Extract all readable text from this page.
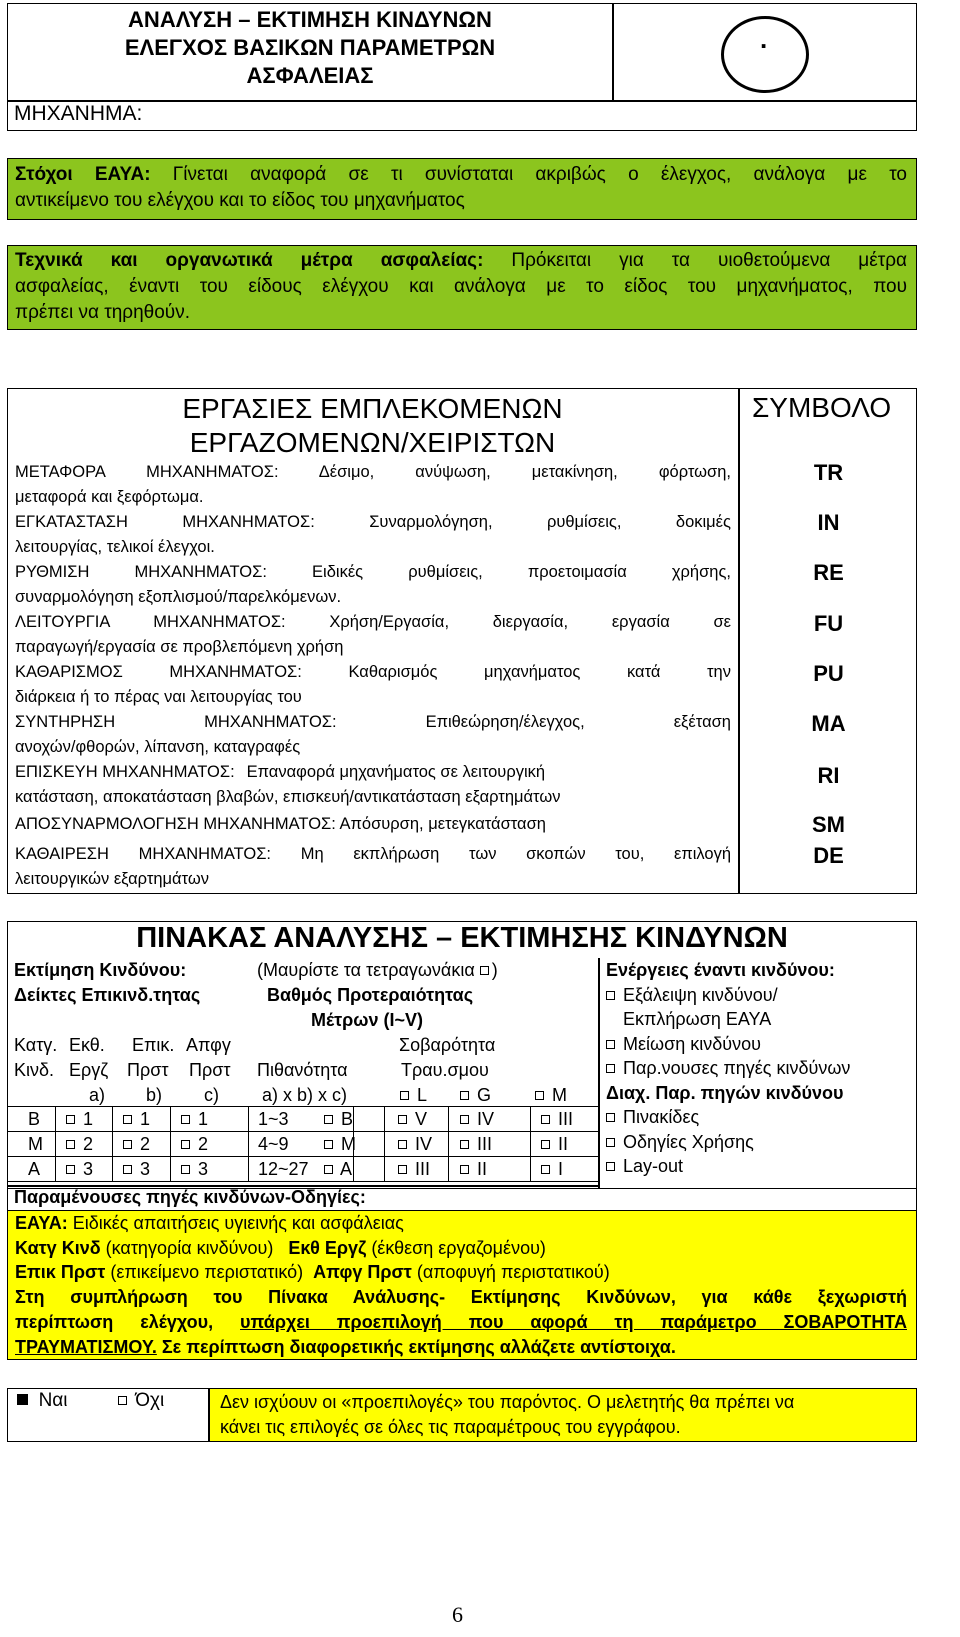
ΑΝΑΛΥΣΗ – ΕΚΤΙΜΗΣΗ ΚΙΝΔΥΝΩΝ
ΕΛΕΓΧΟΣ ΒΑΣΙΚΩΝ ΠΑΡΑΜΕΤΡΩΝ
ΑΣΦΑΛΕΙΑΣ
.
ΜΗΧΑΝΗΜΑ:
Στόχοι ΕΑΥΑ: Γίνεται αναφορά σε τι συνίσταται ακριβώς ο έλεγχος, ανάλογα με το
αντικείμενο του ελέγχου και το είδος του μηχανήματος
Τεχνικά και οργανωτικά μέτρα ασφαλείας: Πρόκειται για τα υιοθετούμενα μέτρα
ασφαλείας, έναντι του είδους ελέγχου και ανάλογα με το είδος του μηχανήματος, που
πρέπει να τηρηθούν.
ΕΡΓΑΣΙΕΣ ΕΜΠΛΕΚΟΜΕΝΩΝ
ΕΡΓΑΖΟΜΕΝΩΝ/ΧΕΙΡΙΣΤΩΝ
ΣΥΜΒΟΛΟ
ΜΕΤΑΦΟΡΑ ΜΗΧΑΝΗΜΑΤΟΣ: Δέσιμο, ανύψωση, μετακίνηση, φόρτωση,
μεταφορά και ξεφόρτωμα.
TR
ΕΓΚΑΤΑΣΤΑΣΗ ΜΗΧΑΝΗΜΑΤΟΣ:	Συναρμολόγηση, ρυθμίσεις, δοκιμές
λειτουργίας, τελικοί έλεγχοι.
IN
ΡΥΘΜΙΣΗ ΜΗΧΑΝΗΜΑΤΟΣ:	Ειδικές ρυθμίσεις, προετοιμασία χρήσης,
συναρμολόγηση εξοπλισμού/παρελκόμενων.
RE
ΛΕΙΤΟΥΡΓΙΑ ΜΗΧΑΝΗΜΑΤΟΣ:	Χρήση/Εργασία, διεργασία, εργασία σε
παραγωγή/εργασία σε προβλεπόμενη χρήση
FU
ΚΑΘΑΡΙΣΜΟΣ ΜΗΧΑΝΗΜΑΤΟΣ:	Καθαρισμός μηχανήματος κατά την
διάρκεια ή το πέρας ναι λειτουργίας του
PU
ΣΥΝΤΗΡΗΣΗ ΜΗΧΑΝΗΜΑΤΟΣ:	Επιθεώρηση/έλεγχος, εξέταση
ανοχών/φθορών, λίπανση, καταγραφές
MA
ΕΠΙΣΚΕΥΗ ΜΗΧΑΝΗΜΑΤΟΣ: Επαναφορά μηχανήματος σε λειτουργική
κατάσταση, αποκατάσταση βλαβών, επισκευή/αντικατάσταση εξαρτημάτων
RI
ΑΠΟΣΥΝΑΡΜΟΛΟΓΗΣΗ ΜΗΧΑΝΗΜΑΤΟΣ: Απόσυρση, μετεγκατάσταση	SM
ΚΑΘΑΙΡΕΣΗ ΜΗΧΑΝΗΜΑΤΟΣ: Μη εκπλήρωση των σκοπών του, επιλογή
λειτουργικών εξαρτημάτων
DE
ΠΙΝΑΚΑΣ ΑΝΑΛΥΣΗΣ – ΕΚΤΙΜΗΣΗΣ ΚΙΝΔΥΝΩΝ
Εκτίμηση Κινδύνου:	(Μαυρίστε τα τετραγωνάκια )
Δείκτες Επικινδ.τητας	Βαθμός Προτεραιότητας
Μέτρων (I~V)
Κατγ. Εκθ. Επικ. Απφγ	Σοβαρότητα
Κινδ. Εργζ Πρστ Πρστ Πιθανότητα	Τραυ.σμου
a) b) c) a) x b) x c)	L	G	M
B	1	1	1	1~3	B	V	IV	III
M	2	2	2	4~9	M	IV	III	II
A	3	3	3	12~27	A	III	II	I
Ενέργειες έναντι κινδύνου:
Εξάλειψη κινδύνου/
Εκπλήρωση ΕΑΥΑ
Μείωση κινδύνου
Παρ.νουσες πηγές κινδύνων
Διαχ. Παρ. πηγών κινδύνου
Πινακίδες
Οδηγίες Χρήσης
Lay-out
Παραμένουσες πηγές κινδύνων-Οδηγίες:
ΕΑΥΑ: Ειδικές απαιτήσεις υγιεινής και ασφάλειας
Κατγ Κινδ (κατηγορία κινδύνου) Εκθ Εργζ (έκθεση εργαζομένου)
Επικ Πρστ (επικείμενο περιστατικό) Απφγ Πρστ (αποφυγή περιστατικού)
Στη συμπλήρωση του Πίνακα Ανάλυσης- Εκτίμησης Κινδύνων, για κάθε ξεχωριστή
περίπτωση ελέγχου, υπάρχει προεπιλογή που αφορά τη παράμετρο ΣΟΒΑΡΟΤΗΤΑ
ΤΡΑΥΜΑΤΙΣΜΟΥ. Σε περίπτωση διαφορετικής εκτίμησης αλλάζετε αντίστοιχα.
Ναι	Όχι	Δεν ισχύουν οι «προεπιλογές» του παρόντος. Ο μελετητής θα πρέπει να
κάνει τις επιλογές σε όλες τις παραμέτρους του εγγράφου.
6
